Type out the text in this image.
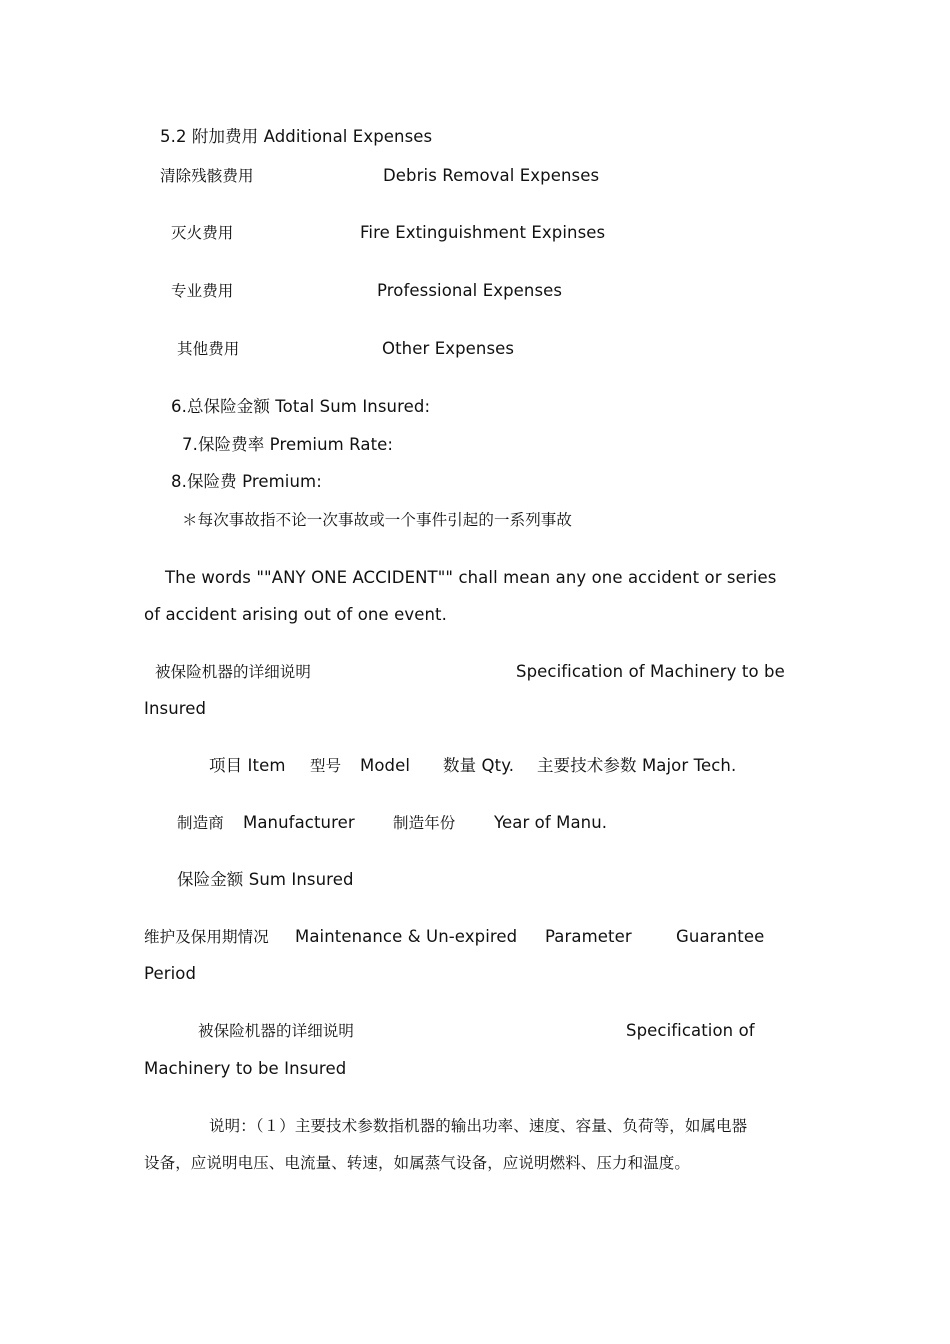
5.2 附加费用 Additional Expenses
清除残骸费用	Debris Removal Expenses
灭火费用	Fire Extinguishment Expinses
专业费用	Professional Expenses
其他费用	Other Expenses
6.总保险金额 Total Sum Insured:
7.保险费率 Premium Rate:
8.保险费 Premium:
＊每次事故指不论一次事故或一个事件引起的一系列事故
The words ""ANY ONE ACCIDENT"" chall mean any one accident or series
of accident arising out of one event.
被保险机器的详细说明	Specification of Machinery to be
Insured
项目 Item 型号 Model 数量 Qty. 主要技术参数 Major Tech.
制造商 Manufacturer 制造年份 Year of Manu.
保险金额 Sum Insured
维护及保用期情况 Maintenance & Un-expired Parameter	Guarantee
Period
被保险机器的详细说明	Specification of
Machinery to be Insured
说明：（１）主要技术参数指机器的输出功率、速度、容量、负荷等，如属电器
设备，应说明电压、电流量、转速，如属蒸气设备，应说明燃料、压力和温度。
